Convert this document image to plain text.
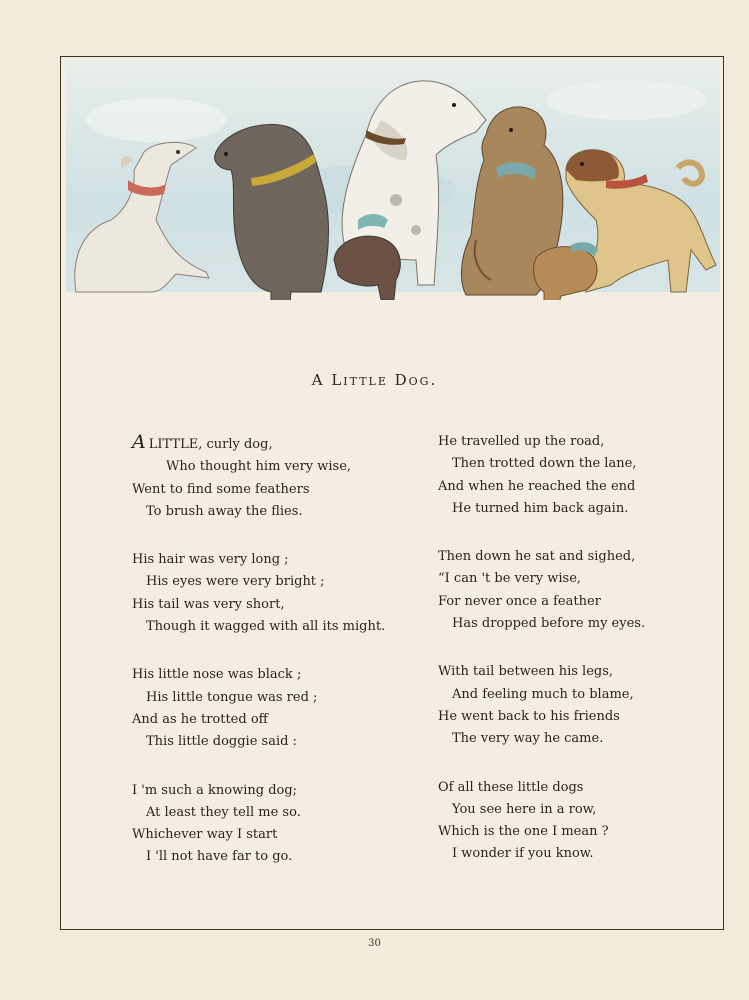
A Little Dog.
A LITTLE, curly dog,
Who thought him very wise,
Went to find some feathers
To brush away the flies.
His hair was very long ;
His eyes were very bright ;
His tail was very short,
Though it wagged with all its might.
His little nose was black ;
His little tongue was red ;
And as he trotted off
This little doggie said :
I 'm such a knowing dog;
At least they tell me so.
Whichever way I start
I 'll not have far to go.
He travelled up the road,
Then trotted down the lane,
And when he reached the end
He turned him back again.
Then down he sat and sighed,
“I can 't be very wise,
For never once a feather
Has dropped before my eyes.
With tail between his legs,
And feeling much to blame,
He went back to his friends
The very way he came.
Of all these little dogs
You see here in a row,
Which is the one I mean ?
I wonder if you know.
30
